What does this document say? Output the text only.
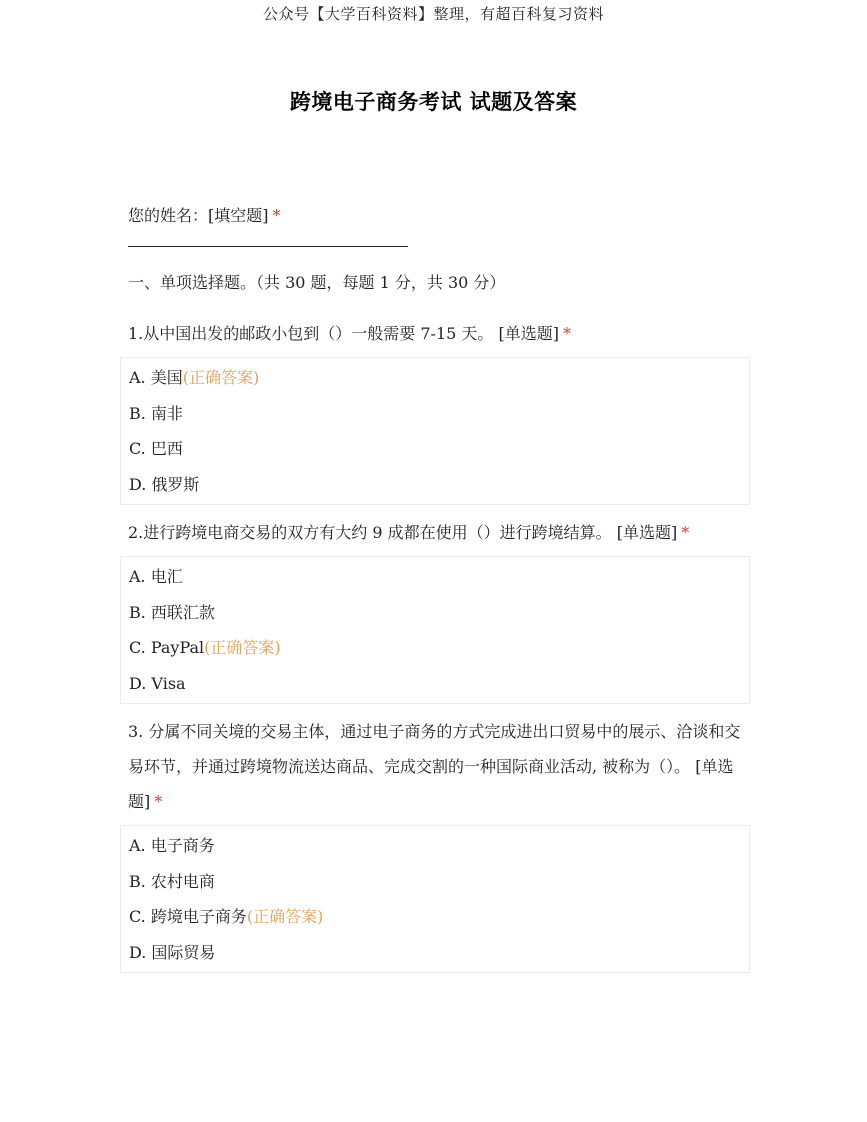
公众号【大学百科资料】整理，有超百科复习资料
跨境电子商务考试 试题及答案
您的姓名：[填空题] *
一、单项选择题。（共 30 题，每题 1 分，共 30 分）
1.从中国出发的邮政小包到（）一般需要 7-15 天。 [单选题] *
A. 美国(正确答案)
B. 南非
C. 巴西
D. 俄罗斯
2.进行跨境电商交易的双方有大约 9 成都在使用（）进行跨境结算。 [单选题] *
A. 电汇
B. 西联汇款
C. PayPal(正确答案)
D. Visa
3. 分属不同关境的交易主体，通过电子商务的方式完成进出口贸易中的展示、洽谈和交易环节，并通过跨境物流送达商品、完成交割的一种国际商业活动, 被称为（）。 [单选题] *
A. 电子商务
B. 农村电商
C. 跨境电子商务(正确答案)
D. 国际贸易
